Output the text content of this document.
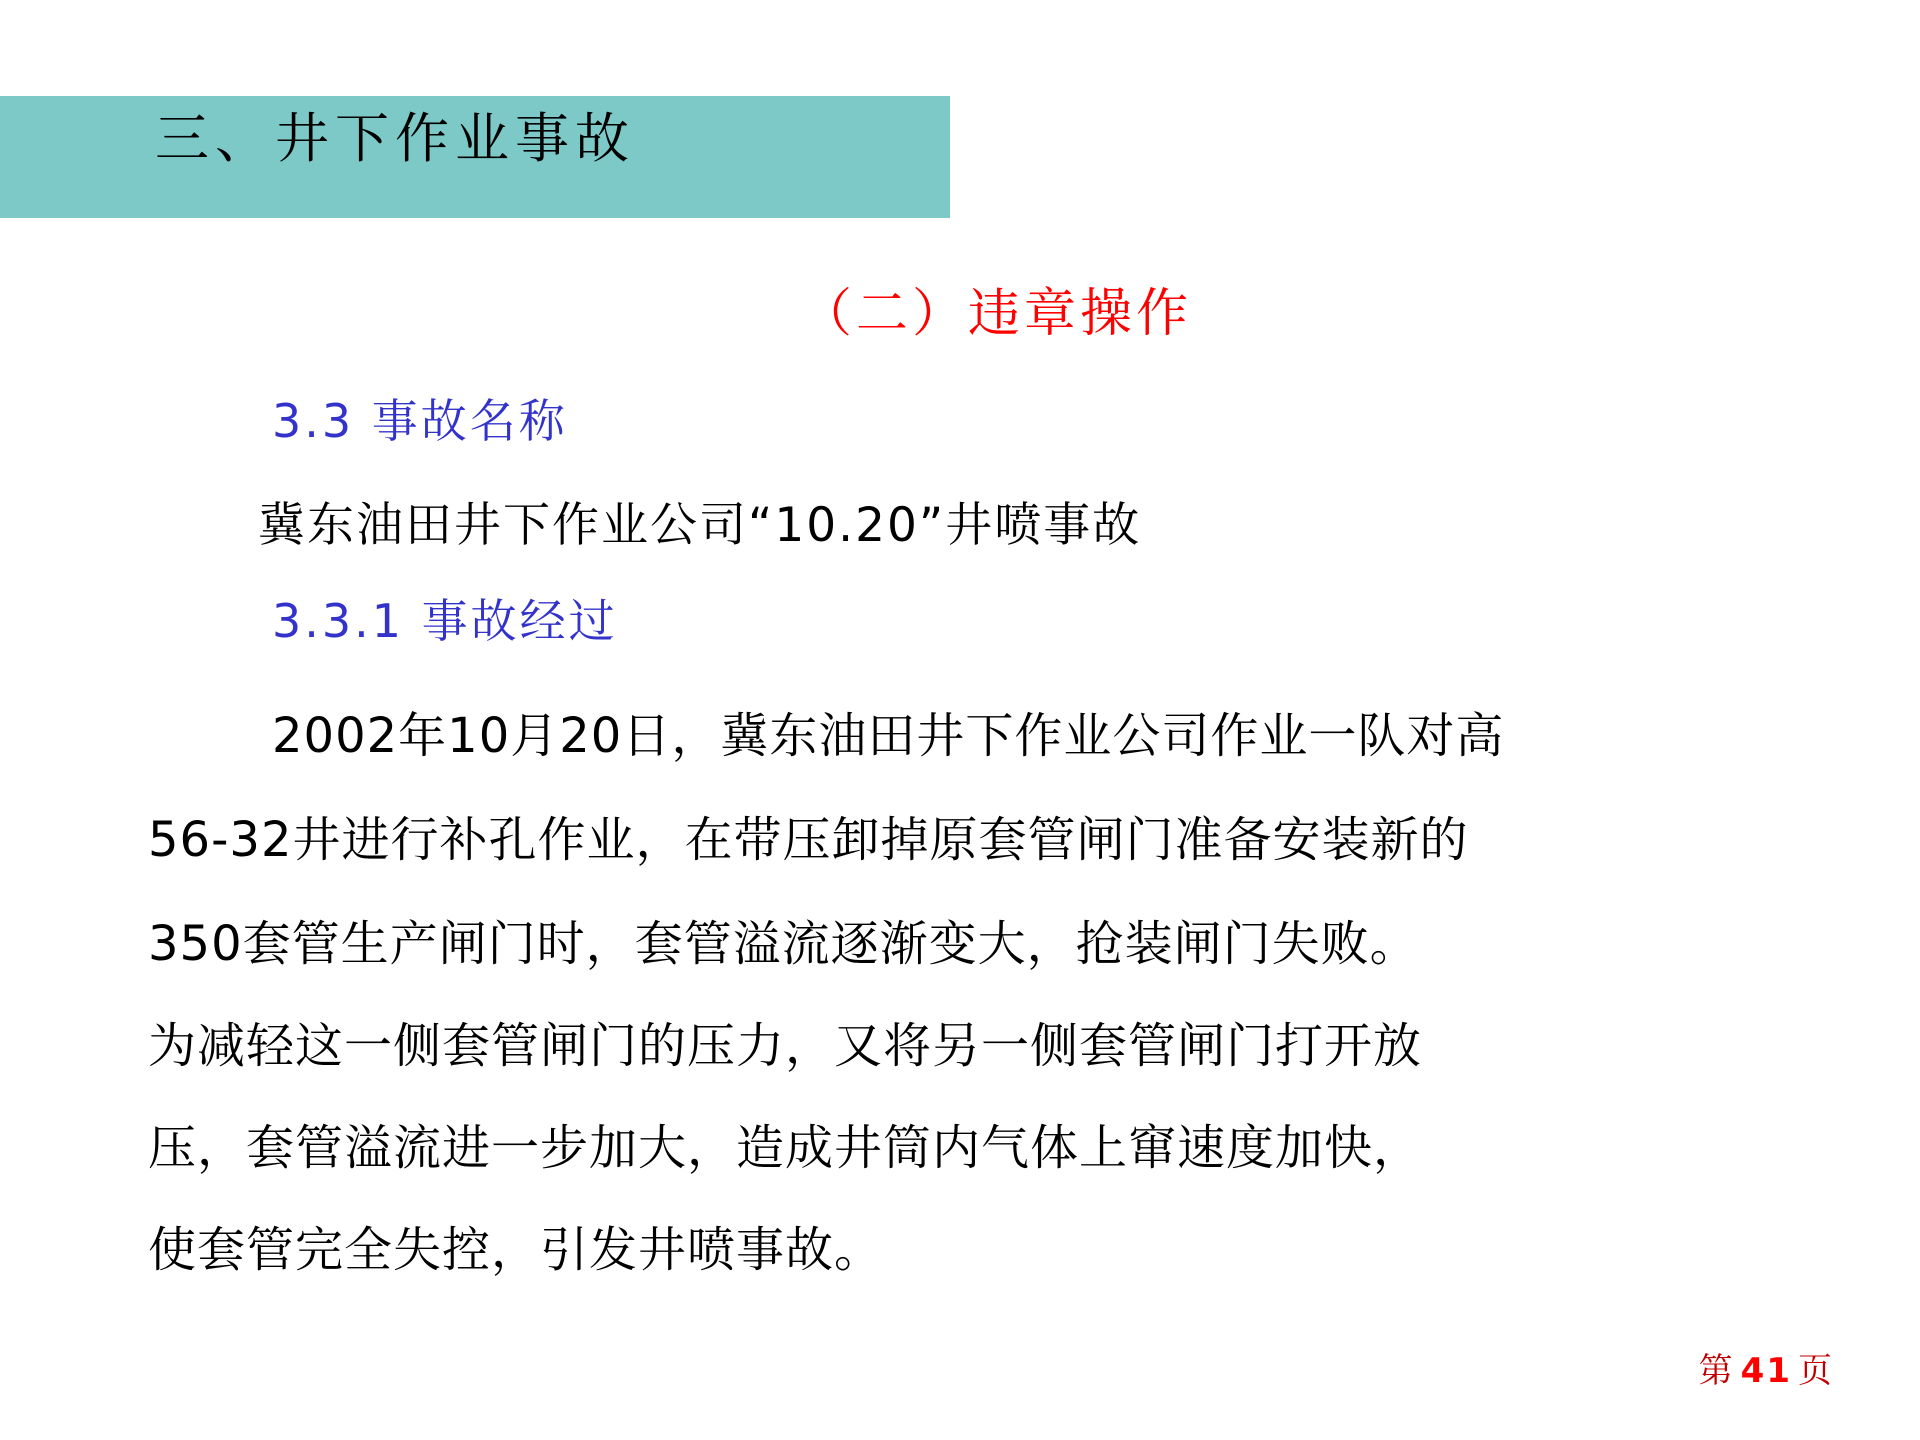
三、井下作业事故
（二）违章操作
3.3 事故名称
冀东油田井下作业公司“10.20”井喷事故
3.3.1 事故经过
2002年10月20日，冀东油田井下作业公司作业一队对高
56-32井进行补孔作业，在带压卸掉原套管闸门准备安装新的
350套管生产闸门时，套管溢流逐渐变大，抢装闸门失败。
为减轻这一侧套管闸门的压力，又将另一侧套管闸门打开放
压，套管溢流进一步加大，造成井筒内气体上窜速度加快，
使套管完全失控，引发井喷事故。
第 41 页
